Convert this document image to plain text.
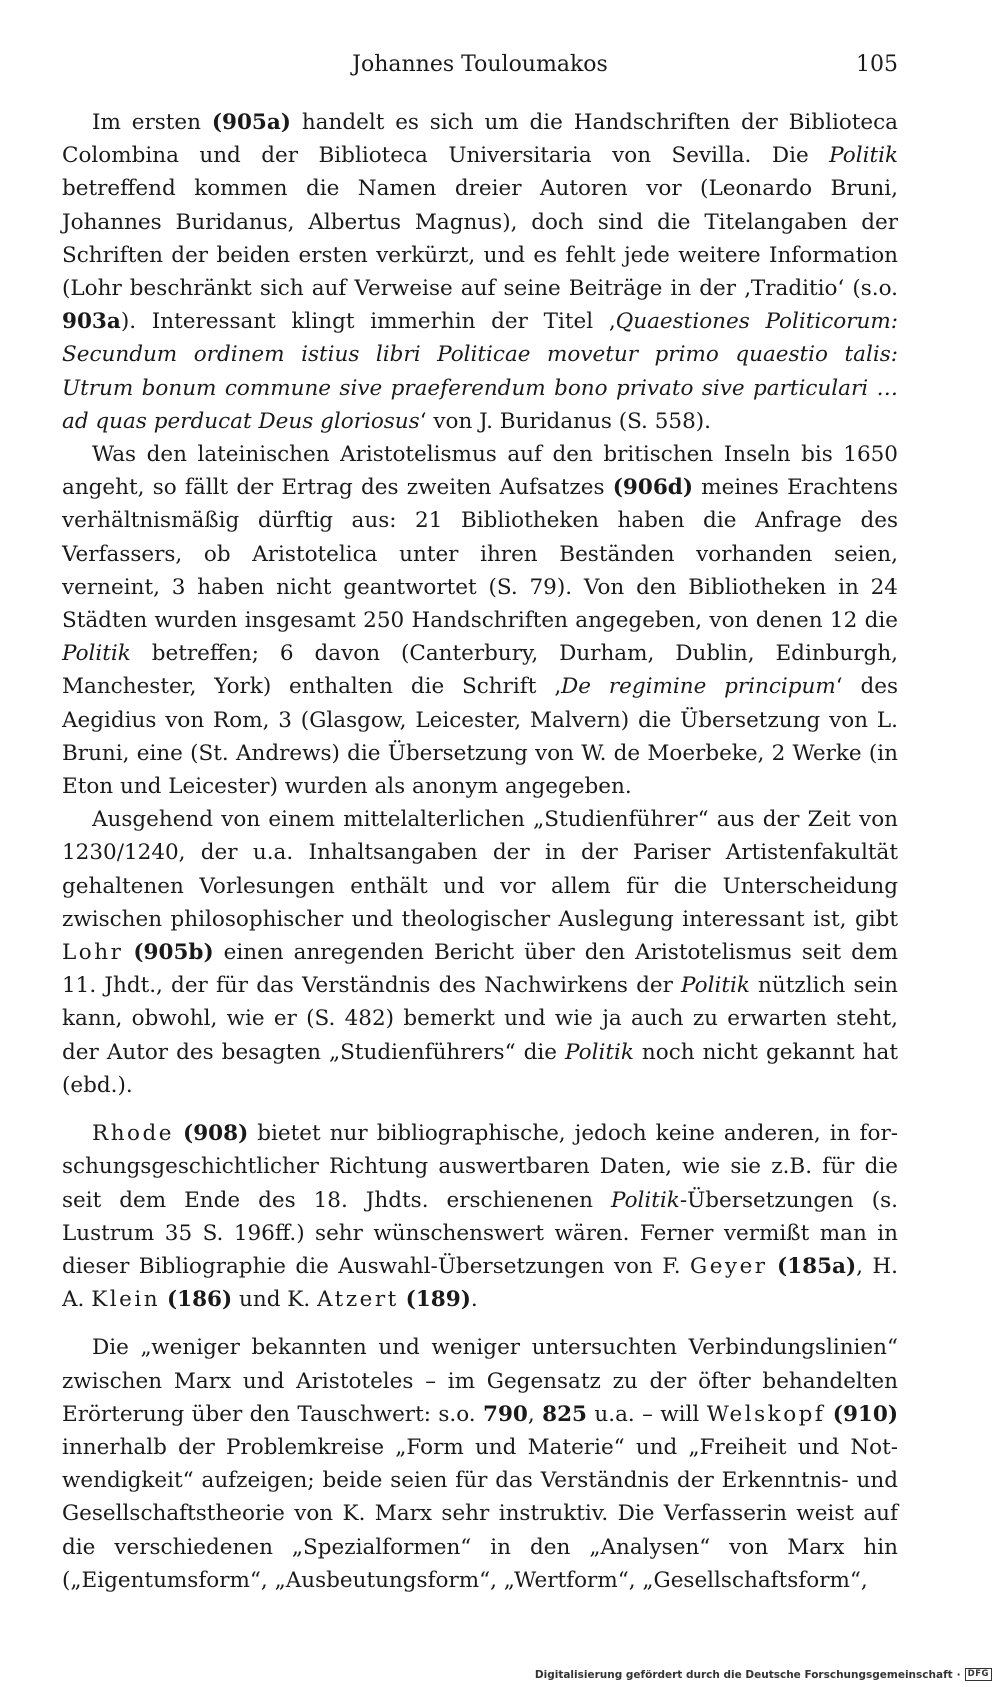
Johannes Touloumakos	105

Im ersten (905a) handelt es sich um die Handschriften der Biblioteca Colombina und der Biblioteca Universitaria von Sevilla. Die Politik betreffend kommen die Namen dreier Autoren vor (Leonardo Bruni, Johannes Buridanus, Albertus Magnus), doch sind die Titelangaben der Schriften der beiden ersten verkürzt, und es fehlt jede weitere Information (Lohr beschränkt sich auf Verweise auf seine Beiträge in der ‚Traditio‘ (s.o. 903a). Interessant klingt immerhin der Titel ‚Quaestiones Politicorum: Secundum ordinem istius libri Politicae movetur primo quaestio talis: Utrum bonum commune sive praeferendum bono privato sive particulari … ad quas perducat Deus gloriosus‘ von J. Buridanus (S. 558).

Was den lateinischen Aristotelismus auf den britischen Inseln bis 1650 angeht, so fällt der Ertrag des zweiten Aufsatzes (906d) meines Erachtens verhältnismäßig dürftig aus: 21 Bibliotheken haben die Anfrage des Verfassers, ob Aristotelica unter ihren Beständen vorhanden seien, verneint, 3 haben nicht geantwortet (S. 79). Von den Bibliotheken in 24 Städten wurden insgesamt 250 Handschriften angegeben, von denen 12 die Politik betreffen; 6 davon (Canterbury, Durham, Dublin, Edinburgh, Manchester, York) enthalten die Schrift ‚De regimine principum‘ des Aegidius von Rom, 3 (Glasgow, Leicester, Malvern) die Übersetzung von L. Bruni, eine (St. Andrews) die Übersetzung von W. de Moerbeke, 2 Werke (in Eton und Leicester) wurden als anonym angegeben.

Ausgehend von einem mittelalterlichen „Studienführer“ aus der Zeit von 1230/1240, der u.a. Inhaltsangaben der in der Pariser Artistenfakultät gehaltenen Vorlesungen enthält und vor allem für die Unterscheidung zwischen philosophischer und theologischer Auslegung interessant ist, gibt Lohr (905b) einen anregenden Bericht über den Aristotelismus seit dem 11. Jhdt., der für das Verständnis des Nachwirkens der Politik nützlich sein kann, obwohl, wie er (S. 482) bemerkt und wie ja auch zu erwarten steht, der Autor des besagten „Studienführers“ die Politik noch nicht gekannt hat (ebd.).

Rhode (908) bietet nur bibliographische, jedoch keine anderen, in forschungsgeschichtlicher Richtung auswertbaren Daten, wie sie z.B. für die seit dem Ende des 18. Jhdts. erschienenen Politik-Übersetzungen (s. Lustrum 35 S. 196ff.) sehr wünschenswert wären. Ferner vermißt man in dieser Bibliographie die Auswahl-Übersetzungen von F. Geyer (185a), H. A. Klein (186) und K. Atzert (189).

Die „weniger bekannten und weniger untersuchten Verbindungslinien“ zwischen Marx und Aristoteles – im Gegensatz zu der öfter behandelten Erörterung über den Tauschwert: s.o. 790, 825 u.a. – will Welskopf (910) innerhalb der Problemkreise „Form und Materie“ und „Freiheit und Notwendigkeit“ aufzeigen; beide seien für das Verständnis der Erkenntnis- und Gesellschaftstheorie von K. Marx sehr instruktiv. Die Verfasserin weist auf die verschiedenen „Spezialformen“ in den „Analysen“ von Marx hin („Eigentumsform“, „Ausbeutungsform“, „Wertform“, „Gesellschaftsform“,

Digitalisierung gefördert durch die Deutsche Forschungsgemeinschaft · DFG
